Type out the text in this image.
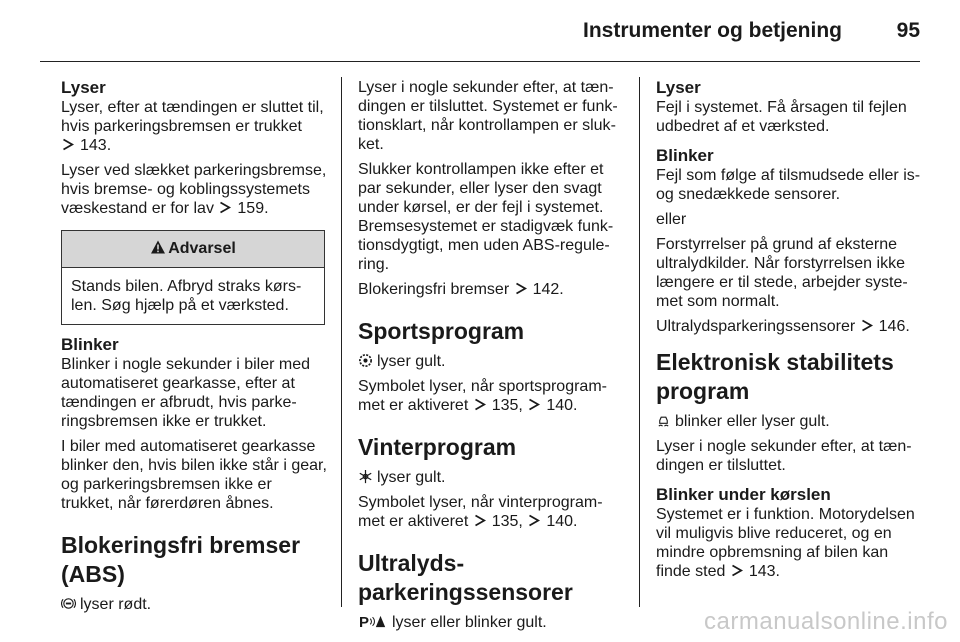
Instrumenter og betjening	95
Lyser

Lyser, efter at tændingen er sluttet til, hvis parkeringsbremsen er trukket
143.

Lyser ved slækket parkeringsbremse, hvis bremse- og koblingssystemets væskestand er for lav 159.

Advarsel
Stands bilen. Afbryd straks kørslen. Søg hjælp på et værksted.
Blinker

Blinker i nogle sekunder i biler med automatiseret gearkasse, efter at tændingen er afbrudt, hvis parkeringsbremsen ikke er trukket.

I biler med automatiseret gearkasse blinker den, hvis bilen ikke står i gear, og parkeringsbremsen ikke er trukket, når førerdøren åbnes.

Blokeringsfri bremser (ABS)

lyser rødt.

Lyser i nogle sekunder efter, at tændingen er tilsluttet. Systemet er funktionsklart, når kontrollampen er slukket.

Slukker kontrollampen ikke efter et par sekunder, eller lyser den svagt under kørsel, er der fejl i systemet. Bremsesystemet er stadigvæk funktionsdygtigt, men uden ABS-regulering.

Blokeringsfri bremser 142.

Sportsprogram

lyser gult.

Symbolet lyser, når sportsprogrammet er aktiveret 135, 140.

Vinterprogram

lyser gult.

Symbolet lyser, når vinterprogrammet er aktiveret 135, 140.

Ultralydsparkeringssensorer

P lyser eller blinker gult.

Lyser

Fejl i systemet. Få årsagen til fejlen udbedret af et værksted.

Blinker

Fejl som følge af tilsmudsede eller is- og snedækkede sensorer.

eller

Forstyrrelser på grund af eksterne ultralydkilder. Når forstyrrelsen ikke længere er til stede, arbejder systemet som normalt.

Ultralydsparkeringssensorer 146.

Elektronisk stabilitets program

blinker eller lyser gult.

Lyser i nogle sekunder efter, at tændingen er tilsluttet.

Blinker under kørslen

Systemet er i funktion. Motorydelsen vil muligvis blive reduceret, og en mindre opbremsning af bilen kan finde sted 143.

carmanualsonline.info
